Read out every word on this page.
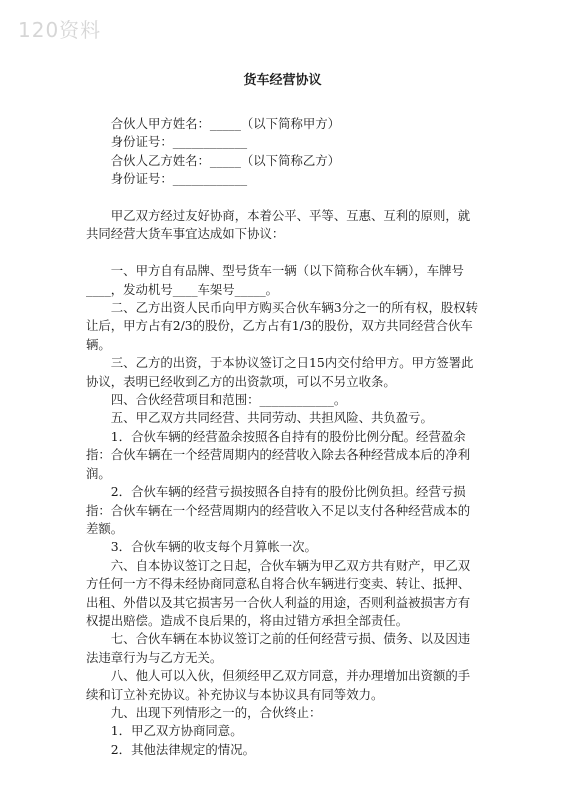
120资料
货车经营协议

合伙人甲方姓名：_____（以下简称甲方）

身份证号：____________

合伙人乙方姓名：_____（以下简称乙方）

身份证号：____________

甲乙双方经过友好协商，本着公平、平等、互惠、互利的原则，就共同经营大货车事宜达成如下协议：

一、甲方自有品牌、型号货车一辆（以下简称合伙车辆），车牌号____，发动机号____车架号_____。

二、乙方出资人民币向甲方购买合伙车辆3分之一的所有权，股权转让后，甲方占有2/3的股份，乙方占有1/3的股份，双方共同经营合伙车辆。

三、乙方的出资，于本协议签订之日15内交付给甲方。甲方签署此协议，表明已经收到乙方的出资款项，可以不另立收条。

四、合伙经营项目和范围：____________。

五、甲乙双方共同经营、共同劳动、共担风险、共负盈亏。

1．合伙车辆的经营盈余按照各自持有的股份比例分配。经营盈余指：合伙车辆在一个经营周期内的经营收入除去各种经营成本后的净利润。

2．合伙车辆的经营亏损按照各自持有的股份比例负担。经营亏损指：合伙车辆在一个经营周期内的经营收入不足以支付各种经营成本的差额。

3．合伙车辆的收支每个月算帐一次。

六、自本协议签订之日起，合伙车辆为甲乙双方共有财产，甲乙双方任何一方不得未经协商同意私自将合伙车辆进行变卖、转让、抵押、出租、外借以及其它损害另一合伙人利益的用途，否则利益被损害方有权提出赔偿。造成不良后果的，将由过错方承担全部责任。

七、合伙车辆在本协议签订之前的任何经营亏损、债务、以及因违法违章行为与乙方无关。

八、他人可以入伙，但须经甲乙双方同意，并办理增加出资额的手续和订立补充协议。补充协议与本协议具有同等效力。

九、出现下列情形之一的，合伙终止：

1．甲乙双方协商同意。

2．其他法律规定的情况。
